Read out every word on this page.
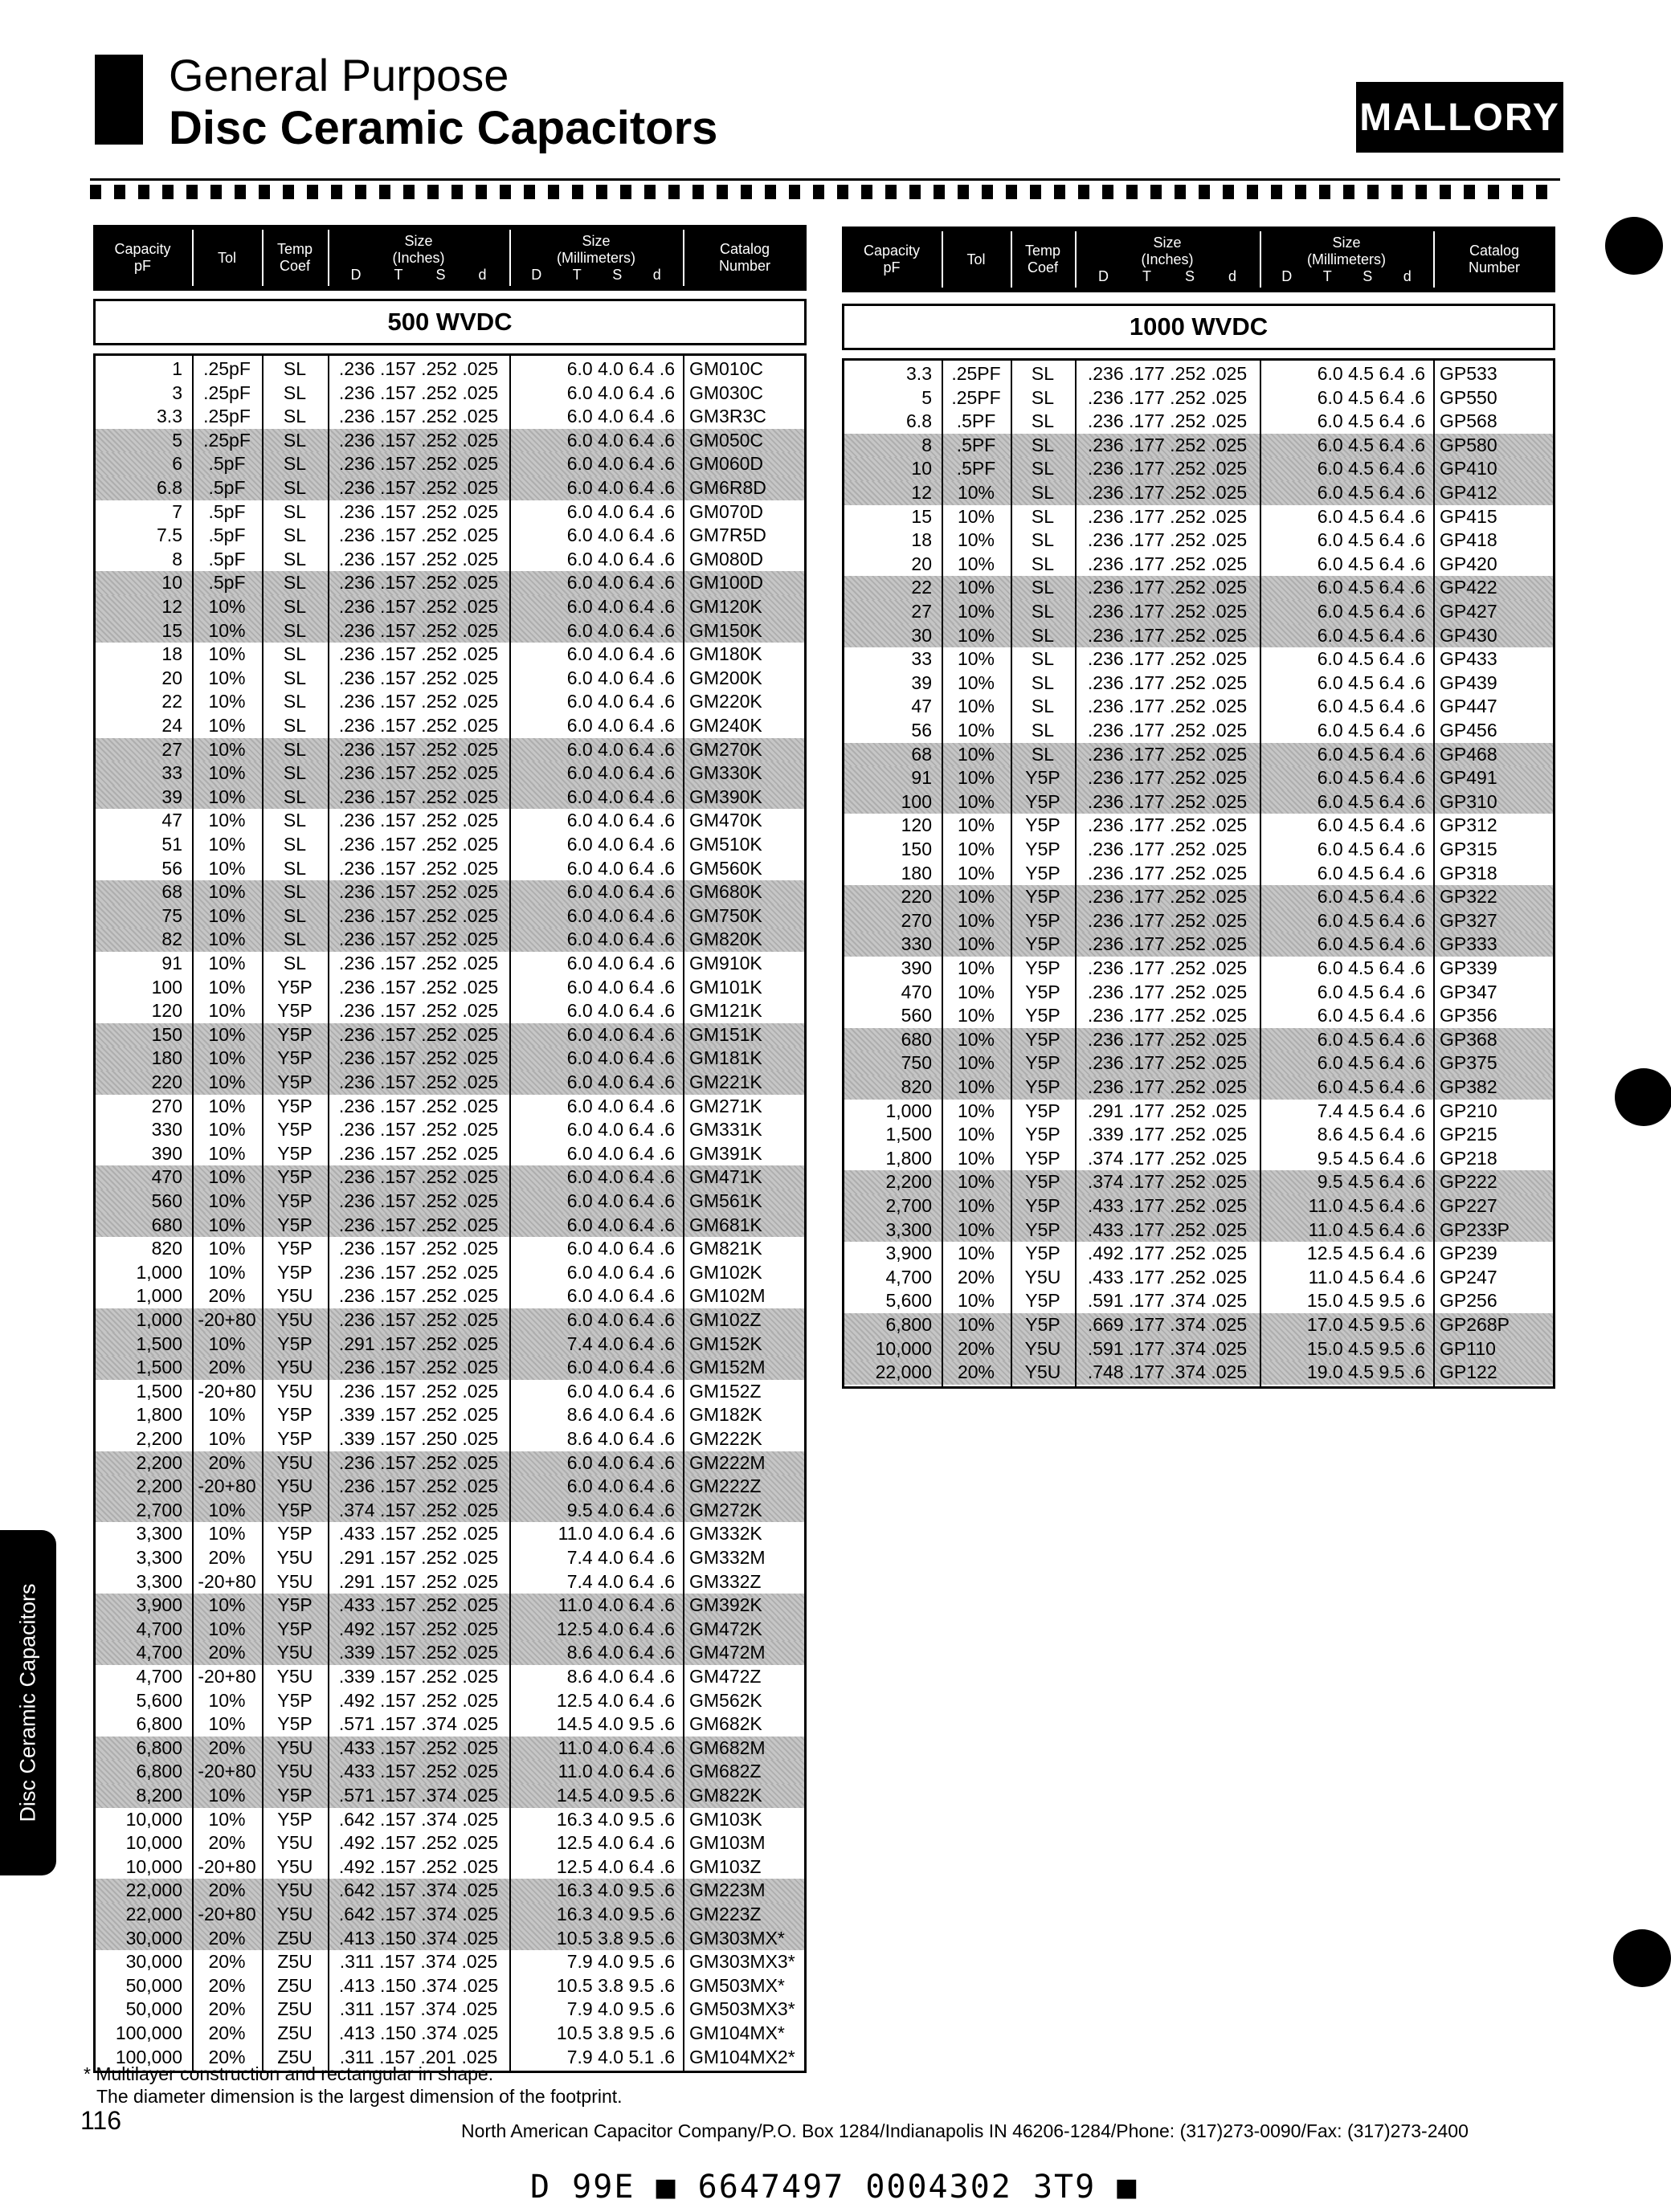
General Purpose
Disc Ceramic Capacitors	MALLORY
Disc Ceramic Capacitors
Capacity
pF
Tol
Temp
Coef
Size
(Inches)
D T S d
Size
(Millimeters)
D T S d
Catalog
Number
500 WVDC
1	.25pF	SL	.236 .157 .252 .025	6.0 4.0 6.4 .6 GM010C
3	.25pF	SL	.236 .157 .252 .025	6.0 4.0 6.4 .6 GM030C
3.3	.25pF	SL	.236 .157 .252 .025	6.0 4.0 6.4 .6 GM3R3C
5	.25pF	SL	.236 .157 .252 .025	6.0 4.0 6.4 .6 GM050C
6	.5pF	SL	.236 .157 .252 .025	6.0 4.0 6.4 .6 GM060D
6.8	.5pF	SL	.236 .157 .252 .025	6.0 4.0 6.4 .6 GM6R8D
7	.5pF	SL	.236 .157 .252 .025	6.0 4.0 6.4 .6 GM070D
7.5	.5pF	SL	.236 .157 .252 .025	6.0 4.0 6.4 .6 GM7R5D
8	.5pF	SL	.236 .157 .252 .025	6.0 4.0 6.4 .6 GM080D
10	.5pF	SL	.236 .157 .252 .025	6.0 4.0 6.4 .6 GM100D
12	10%	SL	.236 .157 .252 .025	6.0 4.0 6.4 .6 GM120K
15	10%	SL	.236 .157 .252 .025	6.0 4.0 6.4 .6 GM150K
18	10%	SL	.236 .157 .252 .025	6.0 4.0 6.4 .6 GM180K
20	10%	SL	.236 .157 .252 .025	6.0 4.0 6.4 .6 GM200K
22	10%	SL	.236 .157 .252 .025	6.0 4.0 6.4 .6 GM220K
24	10%	SL	.236 .157 .252 .025	6.0 4.0 6.4 .6 GM240K
27	10%	SL	.236 .157 .252 .025	6.0 4.0 6.4 .6 GM270K
33	10%	SL	.236 .157 .252 .025	6.0 4.0 6.4 .6 GM330K
39	10%	SL	.236 .157 .252 .025	6.0 4.0 6.4 .6 GM390K
47	10%	SL	.236 .157 .252 .025	6.0 4.0 6.4 .6 GM470K
51	10%	SL	.236 .157 .252 .025	6.0 4.0 6.4 .6 GM510K
56	10%	SL	.236 .157 .252 .025	6.0 4.0 6.4 .6 GM560K
68	10%	SL	.236 .157 .252 .025	6.0 4.0 6.4 .6 GM680K
75	10%	SL	.236 .157 .252 .025	6.0 4.0 6.4 .6 GM750K
82	10%	SL	.236 .157 .252 .025	6.0 4.0 6.4 .6 GM820K
91	10%	SL	.236 .157 .252 .025	6.0 4.0 6.4 .6 GM910K
100	10%	Y5P	.236 .157 .252 .025	6.0 4.0 6.4 .6 GM101K
120	10%	Y5P	.236 .157 .252 .025	6.0 4.0 6.4 .6 GM121K
150	10%	Y5P	.236 .157 .252 .025	6.0 4.0 6.4 .6 GM151K
180	10%	Y5P	.236 .157 .252 .025	6.0 4.0 6.4 .6 GM181K
220	10%	Y5P	.236 .157 .252 .025	6.0 4.0 6.4 .6 GM221K
270	10%	Y5P	.236 .157 .252 .025	6.0 4.0 6.4 .6 GM271K
330	10%	Y5P	.236 .157 .252 .025	6.0 4.0 6.4 .6 GM331K
390	10%	Y5P	.236 .157 .252 .025	6.0 4.0 6.4 .6 GM391K
470	10%	Y5P	.236 .157 .252 .025	6.0 4.0 6.4 .6 GM471K
560	10%	Y5P	.236 .157 .252 .025	6.0 4.0 6.4 .6 GM561K
680	10%	Y5P	.236 .157 .252 .025	6.0 4.0 6.4 .6 GM681K
820	10%	Y5P	.236 .157 .252 .025	6.0 4.0 6.4 .6 GM821K
1,000	10%	Y5P	.236 .157 .252 .025	6.0 4.0 6.4 .6 GM102K
1,000	20%	Y5U	.236 .157 .252 .025	6.0 4.0 6.4 .6 GM102M
1,000 -20+80	Y5U	.236 .157 .252 .025	6.0 4.0 6.4 .6 GM102Z
1,500	10%	Y5P	.291 .157 .252 .025	7.4 4.0 6.4 .6 GM152K
1,500	20%	Y5U	.236 .157 .252 .025	6.0 4.0 6.4 .6 GM152M
1,500 -20+80	Y5U	.236 .157 .252 .025	6.0 4.0 6.4 .6 GM152Z
1,800	10%	Y5P	.339 .157 .252 .025	8.6 4.0 6.4 .6 GM182K
2,200	10%	Y5P	.339 .157 .250 .025	8.6 4.0 6.4 .6 GM222K
2,200	20%	Y5U	.236 .157 .252 .025	6.0 4.0 6.4 .6 GM222M
2,200 -20+80	Y5U	.236 .157 .252 .025	6.0 4.0 6.4 .6 GM222Z
2,700	10%	Y5P	.374 .157 .252 .025	9.5 4.0 6.4 .6 GM272K
3,300	10%	Y5P	.433 .157 .252 .025	11.0 4.0 6.4 .6 GM332K
3,300	20%	Y5U	.291 .157 .252 .025	7.4 4.0 6.4 .6 GM332M
3,300 -20+80	Y5U	.291 .157 .252 .025	7.4 4.0 6.4 .6 GM332Z
3,900	10%	Y5P	.433 .157 .252 .025	11.0 4.0 6.4 .6 GM392K
4,700	10%	Y5P	.492 .157 .252 .025	12.5 4.0 6.4 .6 GM472K
4,700	20%	Y5U	.339 .157 .252 .025	8.6 4.0 6.4 .6 GM472M
4,700 -20+80	Y5U	.339 .157 .252 .025	8.6 4.0 6.4 .6 GM472Z
5,600	10%	Y5P	.492 .157 .252 .025	12.5 4.0 6.4 .6 GM562K
6,800	10%	Y5P	.571 .157 .374 .025	14.5 4.0 9.5 .6 GM682K
6,800	20%	Y5U	.433 .157 .252 .025	11.0 4.0 6.4 .6 GM682M
6,800 -20+80	Y5U	.433 .157 .252 .025	11.0 4.0 6.4 .6 GM682Z
8,200	10%	Y5P	.571 .157 .374 .025	14.5 4.0 9.5 .6 GM822K
10,000	10%	Y5P	.642 .157 .374 .025	16.3 4.0 9.5 .6 GM103K
10,000	20%	Y5U	.492 .157 .252 .025	12.5 4.0 6.4 .6 GM103M
10,000 -20+80	Y5U	.492 .157 .252 .025	12.5 4.0 6.4 .6 GM103Z
22,000	20%	Y5U	.642 .157 .374 .025	16.3 4.0 9.5 .6 GM223M
22,000 -20+80	Y5U	.642 .157 .374 .025	16.3 4.0 9.5 .6 GM223Z
30,000	20%	Z5U	.413 .150 .374 .025	10.5 3.8 9.5 .6 GM303MX*
30,000	20%	Z5U	.311 .157 .374 .025	7.9 4.0 9.5 .6 GM303MX3*
50,000	20%	Z5U	.413 .150 .374 .025	10.5 3.8 9.5 .6 GM503MX*
50,000	20%	Z5U	.311 .157 .374 .025	7.9 4.0 9.5 .6 GM503MX3*
100,000	20%	Z5U	.413 .150 .374 .025	10.5 3.8 9.5 .6 GM104MX*
100,000	20%	Z5U	.311 .157 .201 .025	7.9 4.0 5.1 .6 GM104MX2*
Capacity
pF
Tol
Temp
Coef
Size
(Inches)
D T S d
Size
(Millimeters)
D T S d
Catalog
Number
1000 WVDC
3.3	.25PF	SL	.236 .177 .252 .025	6.0 4.5 6.4 .6 GP533
5	.25PF	SL	.236 .177 .252 .025	6.0 4.5 6.4 .6 GP550
6.8	.5PF	SL	.236 .177 .252 .025	6.0 4.5 6.4 .6 GP568
8	.5PF	SL	.236 .177 .252 .025	6.0 4.5 6.4 .6 GP580
10	.5PF	SL	.236 .177 .252 .025	6.0 4.5 6.4 .6 GP410
12	10%	SL	.236 .177 .252 .025	6.0 4.5 6.4 .6 GP412
15	10%	SL	.236 .177 .252 .025	6.0 4.5 6.4 .6 GP415
18	10%	SL	.236 .177 .252 .025	6.0 4.5 6.4 .6 GP418
20	10%	SL	.236 .177 .252 .025	6.0 4.5 6.4 .6 GP420
22	10%	SL	.236 .177 .252 .025	6.0 4.5 6.4 .6 GP422
27	10%	SL	.236 .177 .252 .025	6.0 4.5 6.4 .6 GP427
30	10%	SL	.236 .177 .252 .025	6.0 4.5 6.4 .6 GP430
33	10%	SL	.236 .177 .252 .025	6.0 4.5 6.4 .6 GP433
39	10%	SL	.236 .177 .252 .025	6.0 4.5 6.4 .6 GP439
47	10%	SL	.236 .177 .252 .025	6.0 4.5 6.4 .6 GP447
56	10%	SL	.236 .177 .252 .025	6.0 4.5 6.4 .6 GP456
68	10%	SL	.236 .177 .252 .025	6.0 4.5 6.4 .6 GP468
91	10%	Y5P	.236 .177 .252 .025	6.0 4.5 6.4 .6 GP491
100	10%	Y5P	.236 .177 .252 .025	6.0 4.5 6.4 .6 GP310
120	10%	Y5P	.236 .177 .252 .025	6.0 4.5 6.4 .6 GP312
150	10%	Y5P	.236 .177 .252 .025	6.0 4.5 6.4 .6 GP315
180	10%	Y5P	.236 .177 .252 .025	6.0 4.5 6.4 .6 GP318
220	10%	Y5P	.236 .177 .252 .025	6.0 4.5 6.4 .6 GP322
270	10%	Y5P	.236 .177 .252 .025	6.0 4.5 6.4 .6 GP327
330	10%	Y5P	.236 .177 .252 .025	6.0 4.5 6.4 .6 GP333
390	10%	Y5P	.236 .177 .252 .025	6.0 4.5 6.4 .6 GP339
470	10%	Y5P	.236 .177 .252 .025	6.0 4.5 6.4 .6 GP347
560	10%	Y5P	.236 .177 .252 .025	6.0 4.5 6.4 .6 GP356
680	10%	Y5P	.236 .177 .252 .025	6.0 4.5 6.4 .6 GP368
750	10%	Y5P	.236 .177 .252 .025	6.0 4.5 6.4 .6 GP375
820	10%	Y5P	.236 .177 .252 .025	6.0 4.5 6.4 .6 GP382
1,000	10%	Y5P	.291 .177 .252 .025	7.4 4.5 6.4 .6 GP210
1,500	10%	Y5P	.339 .177 .252 .025	8.6 4.5 6.4 .6 GP215
1,800	10%	Y5P	.374 .177 .252 .025	9.5 4.5 6.4 .6 GP218
2,200	10%	Y5P	.374 .177 .252 .025	9.5 4.5 6.4 .6 GP222
2,700	10%	Y5P	.433 .177 .252 .025	11.0 4.5 6.4 .6 GP227
3,300	10%	Y5P	.433 .177 .252 .025	11.0 4.5 6.4 .6 GP233P
3,900	10%	Y5P	.492 .177 .252 .025	12.5 4.5 6.4 .6 GP239
4,700	20%	Y5U	.433 .177 .252 .025	11.0 4.5 6.4 .6 GP247
5,600	10%	Y5P	.591 .177 .374 .025	15.0 4.5 9.5 .6 GP256
6,800	10%	Y5P	.669 .177 .374 .025	17.0 4.5 9.5 .6 GP268P
10,000	20%	Y5U	.591 .177 .374 .025	15.0 4.5 9.5 .6 GP110
22,000	20%	Y5U	.748 .177 .374 .025	19.0 4.5 9.5 .6 GP122
* Multilayer construction and rectangular in shape.
The diameter dimension is the largest dimension of the footprint.
116	North American Capacitor Company/P.O. Box 1284/Indianapolis IN 46206-1284/Phone: (317)273-0090/Fax: (317)273-2400
D 99E ■ 6647497 0004302 3T9 ■
